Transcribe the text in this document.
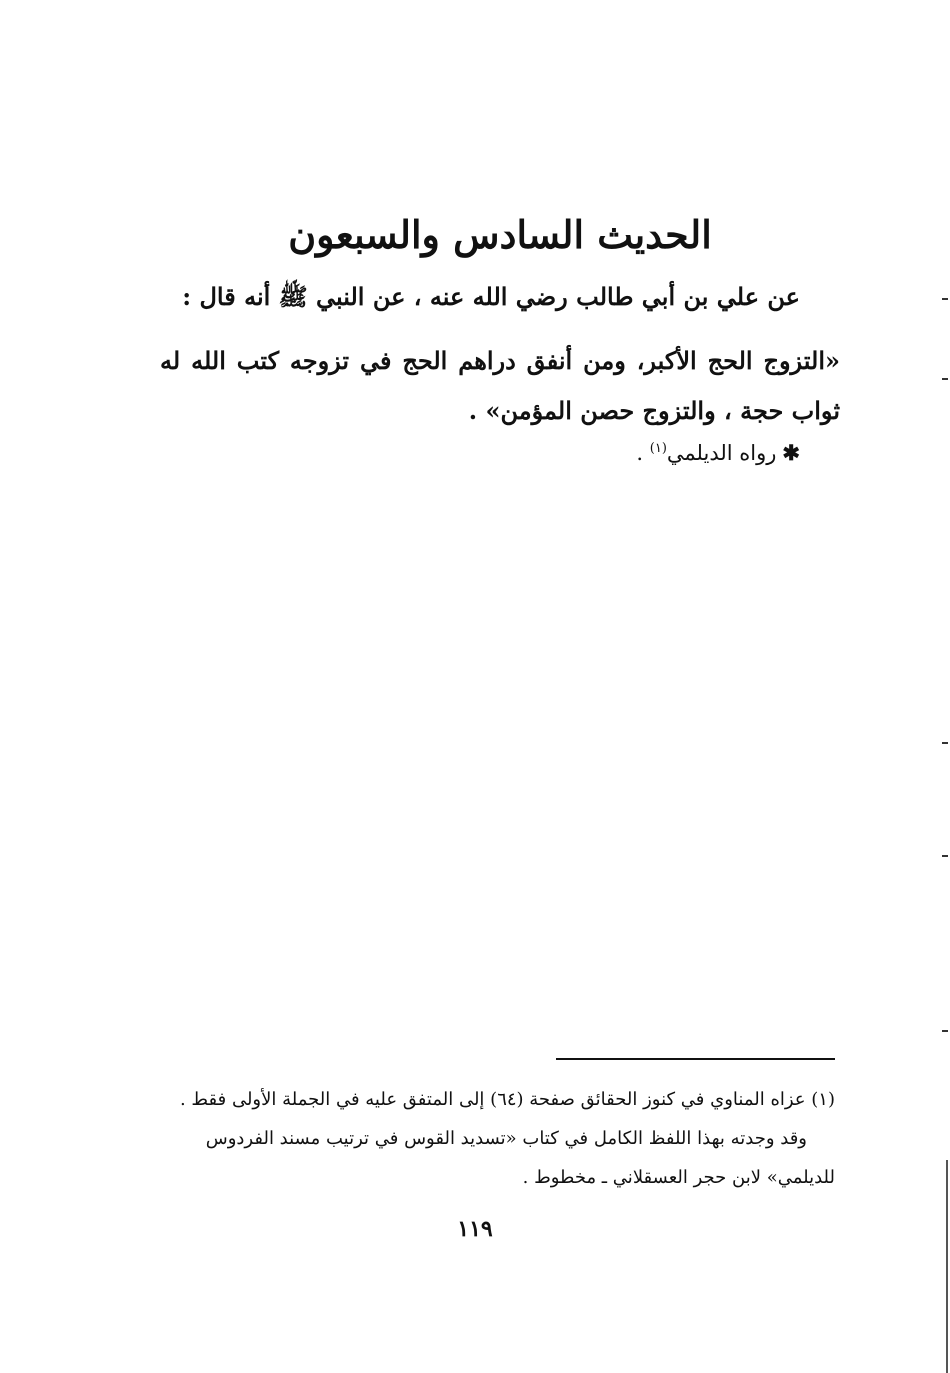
الحديث السادس والسبعون
عن علي بن أبي طالب رضي الله عنه ، عن النبي ﷺ أنه قال :
«التزوج الحج الأكبر، ومن أنفق دراهم الحج في تزوجه كتب الله له ثواب حجة ، والتزوج حصن المؤمن» .
✱رواه الديلمي$^{(١)}$ .
(١) عزاه المناوي في كنوز الحقائق صفحة (٦٤) إلى المتفق عليه في الجملة الأولى فقط .
وقد وجدته بهذا اللفظ الكامل في كتاب «تسديد القوس في ترتيب مسند الفردوس
للديلمي» لابن حجر العسقلاني ـ مخطوط .
١١٩
